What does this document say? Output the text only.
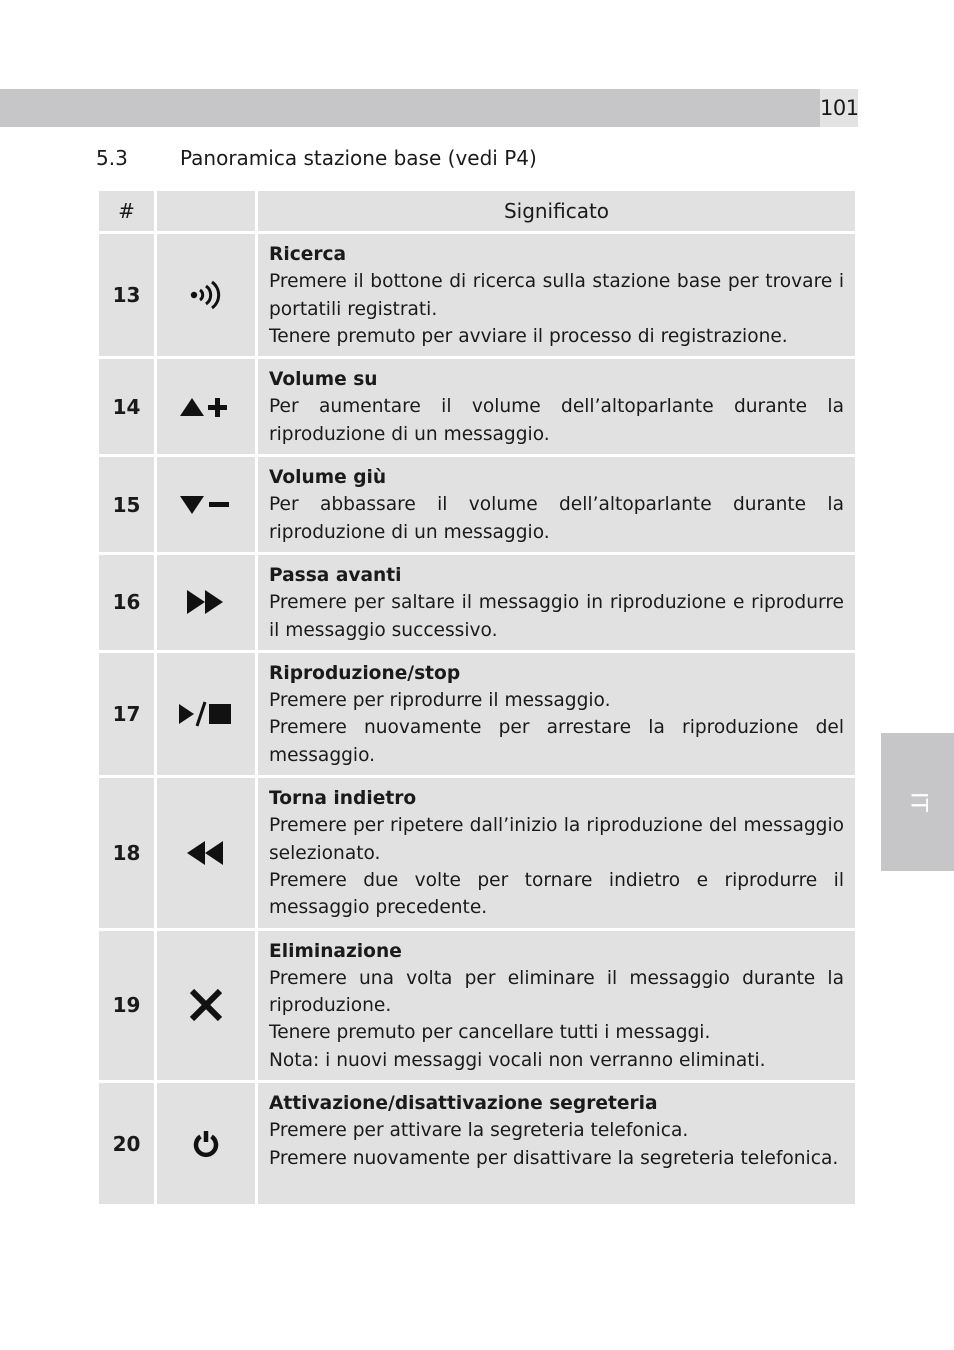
101
5.3	Panoramica stazione base (vedi P4)
#		Significato
13		Ricerca
Premere il bottone di ricerca sulla stazione base per trovare i portatili registrati.
Tenere premuto per avviare il processo di registrazione.

14		Volume su
Per aumentare il volume dell’altoparlante durante la riproduzione di un messaggio.

15		Volume giù
Per abbassare il volume dell’altoparlante durante la riproduzione di un messaggio.

16		Passa avanti
Premere per saltare il messaggio in riproduzione e riprodurre il messaggio successivo.

17		Riproduzione/stop
Premere per riprodurre il messaggio.
Premere nuovamente per arrestare la riproduzione del messaggio.

18		Torna indietro
Premere per ripetere dall’inizio la riproduzione del messaggio selezionato.
Premere due volte per tornare indietro e riprodurre il messaggio precedente.

19		Eliminazione
Premere una volta per eliminare il messaggio durante la riproduzione.
Tenere premuto per cancellare tutti i messaggi.
Nota: i nuovi messaggi vocali non verranno eliminati.

20		Attivazione/disattivazione segreteria
Premere per attivare la segreteria telefonica.
Premere nuovamente per disattivare la segreteria telefonica.
IT
